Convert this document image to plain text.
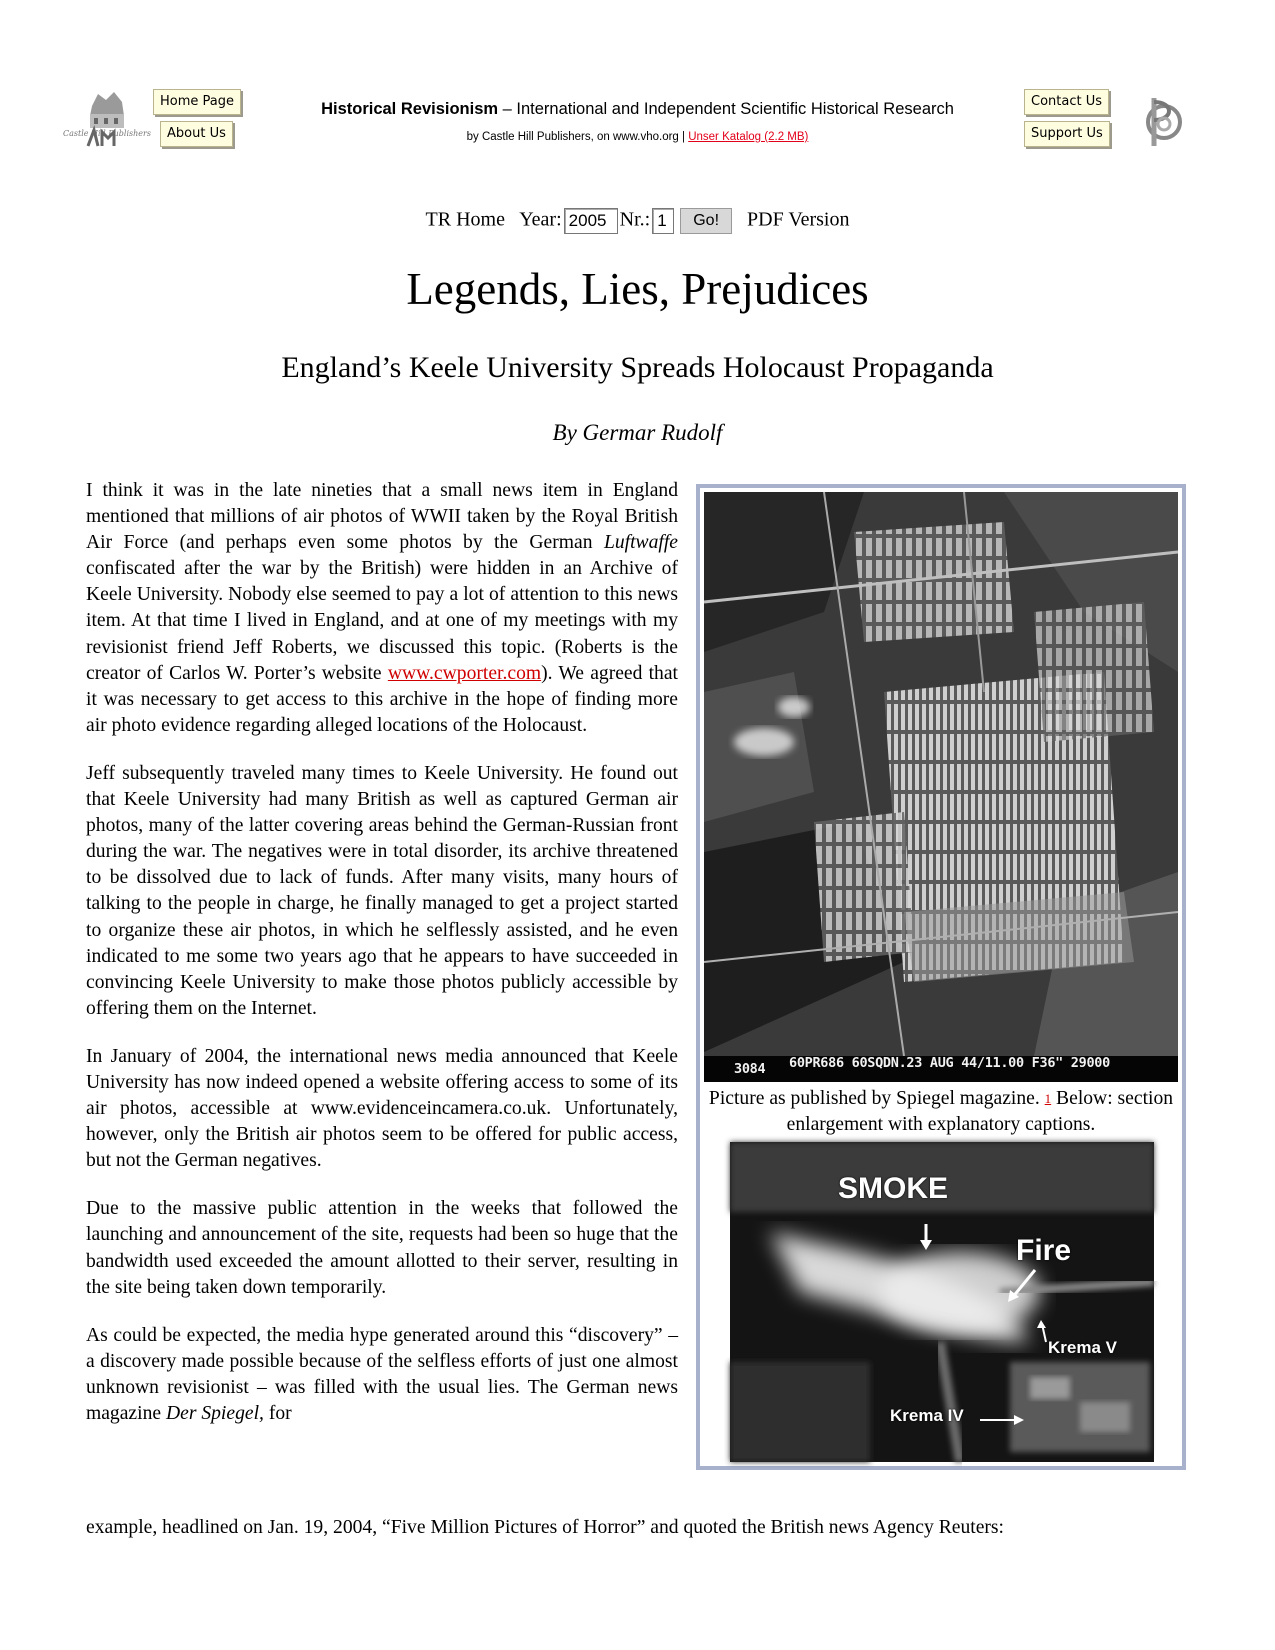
Castle Hill Publishers
Home Page
About Us
Historical Revisionism – International and Independent Scientific Historical Research
by Castle Hill Publishers, on www.vho.org | Unser Katalog (2.2 MB)
Contact Us
Support Us
TR Home Year: 2005 Nr.: 1 Go! PDF Version
Legends, Lies, Prejudices
England’s Keele University Spreads Holocaust Propaganda
By Germar Rudolf

I think it was in the late nineties that a small news item in England mentioned that millions of air photos of WWII taken by the Royal British Air Force (and perhaps even some photos by the German Luftwaffe confiscated after the war by the British) were hidden in an Archive of Keele University. Nobody else seemed to pay a lot of attention to this news item. At that time I lived in England, and at one of my meetings with my revisionist friend Jeff Roberts, we discussed this topic. (Roberts is the creator of Carlos W. Porter’s website www.cwporter.com). We agreed that it was necessary to get access to this archive in the hope of finding more air photo evidence regarding alleged locations of the Holocaust.

Jeff subsequently traveled many times to Keele University. He found out that Keele University had many British as well as captured German air photos, many of the latter covering areas behind the German-Russian front during the war. The negatives were in total disorder, its archive threatened to be dissolved due to lack of funds. After many visits, many hours of talking to the people in charge, he finally managed to get a project started to organize these air photos, in which he selflessly assisted, and he even indicated to me some two years ago that he appears to have succeeded in convincing Keele University to make those photos publicly accessible by offering them on the Internet.

In January of 2004, the international news media announced that Keele University has now indeed opened a website offering access to some of its air photos, accessible at www.evidenceincamera.co.uk. Unfortunately, however, only the British air photos seem to be offered for public access, but not the German negatives.

Due to the massive public attention in the weeks that followed the launching and announcement of the site, requests had been so huge that the bandwidth used exceeded the amount allotted to their server, resulting in the site being taken down temporarily.

As could be expected, the media hype generated around this “discovery” – a discovery made possible because of the selfless efforts of just one almost unknown revisionist – was filled with the usual lies. The German news magazine Der Spiegel, for

example, headlined on Jan. 19, 2004, “Five Million Pictures of Horror” and quoted the British news Agency Reuters:
3084 60PR686 60SQDN.23 AUG 44/11.00 F36" 29000
Picture as published by Spiegel magazine. $^1$ Below: section enlargement with explanatory captions.
SMOKE
Fire
Krema V
Krema IV
